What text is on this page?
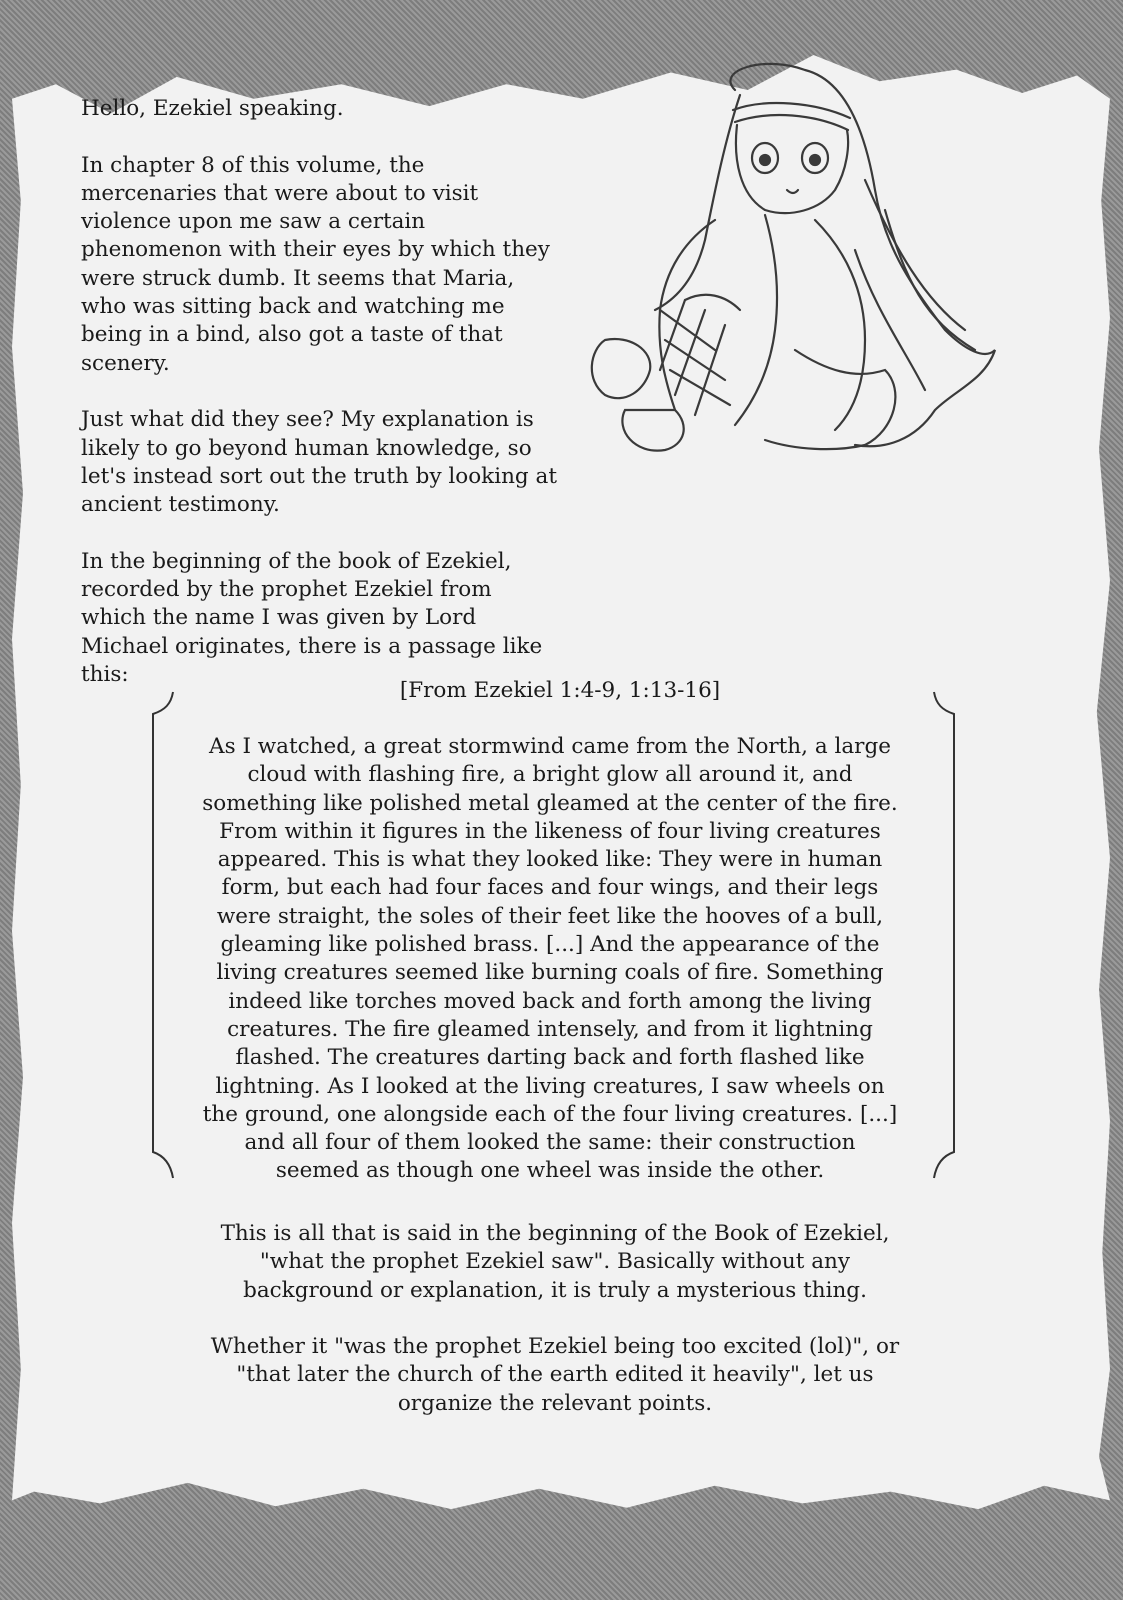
Hello, Ezekiel speaking.

In chapter 8 of this volume, the mercenaries that were about to visit violence upon me saw a certain phenomenon with their eyes by which they were struck dumb. It seems that Maria, who was sitting back and watching me being in a bind, also got a taste of that scenery.

Just what did they see? My explanation is likely to go beyond human knowledge, so let's instead sort out the truth by looking at ancient testimony.

In the beginning of the book of Ezekiel, recorded by the prophet Ezekiel from which the name I was given by Lord Michael originates, there is a passage like this:

[From Ezekiel 1:4-9, 1:13-16]
As I watched, a great stormwind came from the North, a large cloud with flashing fire, a bright glow all around it, and something like polished metal gleamed at the center of the fire. From within it figures in the likeness of four living creatures appeared. This is what they looked like: They were in human form, but each had four faces and four wings, and their legs were straight, the soles of their feet like the hooves of a bull, gleaming like polished brass. [...] And the appearance of the living creatures seemed like burning coals of fire. Something indeed like torches moved back and forth among the living creatures. The fire gleamed intensely, and from it lightning flashed. The creatures darting back and forth flashed like lightning. As I looked at the living creatures, I saw wheels on the ground, one alongside each of the four living creatures. [...] and all four of them looked the same: their construction seemed as though one wheel was inside the other.

This is all that is said in the beginning of the Book of Ezekiel, "what the prophet Ezekiel saw". Basically without any background or explanation, it is truly a mysterious thing.

Whether it "was the prophet Ezekiel being too excited (lol)", or "that later the church of the earth edited it heavily", let us organize the relevant points.
